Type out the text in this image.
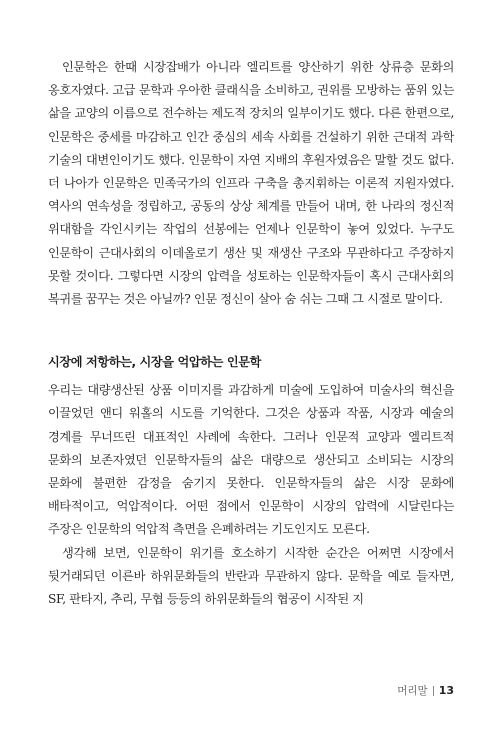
인문학은 한때 시장잡배가 아니라 엘리트를 양산하기 위한 상류층 문화의 옹호자였다. 고급 문학과 우아한 클래식을 소비하고, 권위를 모방하는 품위 있는 삶을 교양의 이름으로 전수하는 제도적 장치의 일부이기도 했다. 다른 한편으로, 인문학은 중세를 마감하고 인간 중심의 세속 사회를 건설하기 위한 근대적 과학 기술의 대변인이기도 했다. 인문학이 자연 지배의 후원자였음은 말할 것도 없다. 더 나아가 인문학은 민족국가의 인프라 구축을 총지휘하는 이론적 지원자였다. 역사의 연속성을 정립하고, 공동의 상상 체계를 만들어 내며, 한 나라의 정신적 위대함을 각인시키는 작업의 선봉에는 언제나 인문학이 놓여 있었다. 누구도 인문학이 근대사회의 이데올로기 생산 및 재생산 구조와 무관하다고 주장하지 못할 것이다. 그렇다면 시장의 압력을 성토하는 인문학자들이 혹시 근대사회의 복귀를 꿈꾸는 것은 아닐까? 인문 정신이 살아 숨 쉬는 그때 그 시절로 말이다.

시장에 저항하는, 시장을 억압하는 인문학

우리는 대량생산된 상품 이미지를 과감하게 미술에 도입하여 미술사의 혁신을 이끌었던 앤디 워홀의 시도를 기억한다. 그것은 상품과 작품, 시장과 예술의 경계를 무너뜨린 대표적인 사례에 속한다. 그러나 인문적 교양과 엘리트적 문화의 보존자였던 인문학자들의 삶은 대량으로 생산되고 소비되는 시장의 문화에 불편한 감정을 숨기지 못한다. 인문학자들의 삶은 시장 문화에 배타적이고, 억압적이다. 어떤 점에서 인문학이 시장의 압력에 시달린다는 주장은 인문학의 억압적 측면을 은폐하려는 기도인지도 모른다.

생각해 보면, 인문학이 위기를 호소하기 시작한 순간은 어쩌면 시장에서 뒷거래되던 이른바 하위문화들의 반란과 무관하지 않다. 문학을 예로 들자면, SF, 판타지, 추리, 무협 등등의 하위문화들의 협공이 시작된 지

머리말 13
